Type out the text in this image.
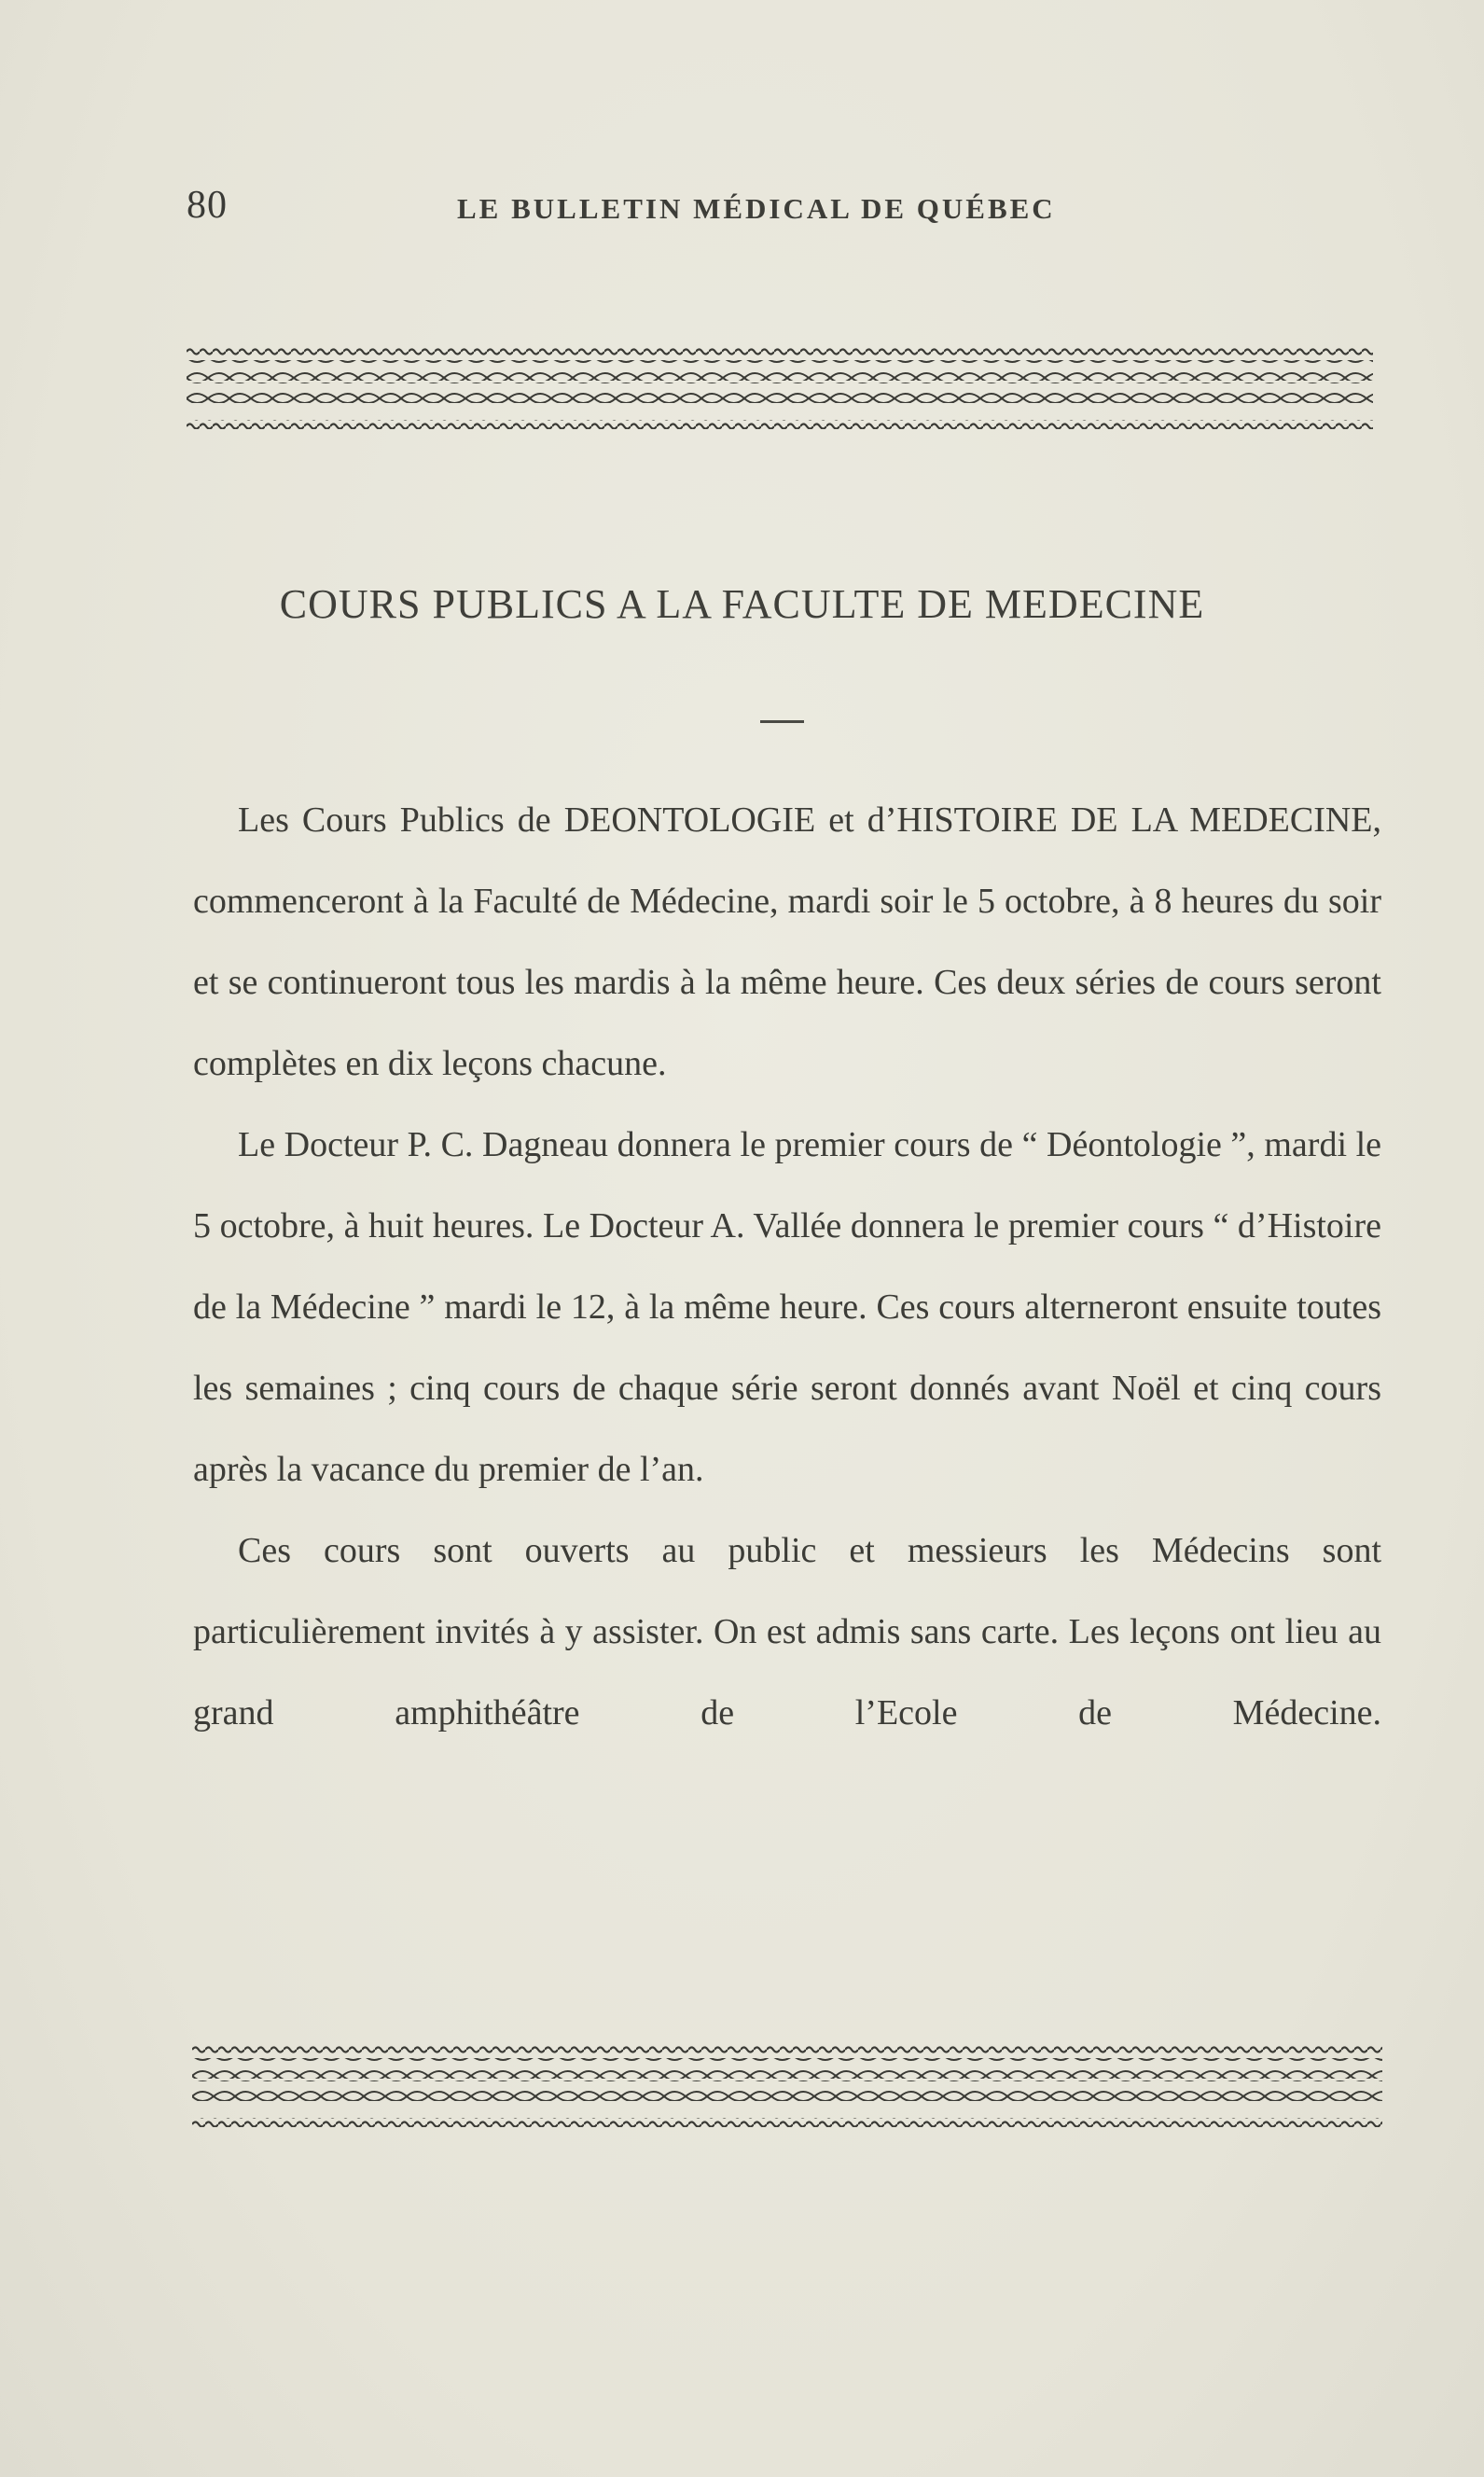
80	LE BULLETIN MÉDICAL DE QUÉBEC
COURS PUBLICS A LA FACULTE DE MEDECINE

Les Cours Publics de DEONTOLOGIE et d’HISTOIRE DE LA MEDECINE, commenceront à la Faculté de Médecine, mardi soir le 5 octobre, à 8 heures du soir et se continueront tous les mardis à la même heure. Ces deux séries de cours seront complètes en dix leçons chacune.

Le Docteur P. C. Dagneau donnera le premier cours de “ Déontologie ”, mardi le 5 octobre, à huit heures. Le Docteur A. Vallée donnera le premier cours “ d’Histoire de la Médecine ” mardi le 12, à la même heure. Ces cours alterneront ensuite toutes les semaines ; cinq cours de chaque série seront donnés avant Noël et cinq cours après la vacance du premier de l’an.

Ces cours sont ouverts au public et messieurs les Médecins sont particulièrement invités à y assister. On est admis sans carte. Les leçons ont lieu au grand amphithéâtre de l’Ecole de Médecine.
